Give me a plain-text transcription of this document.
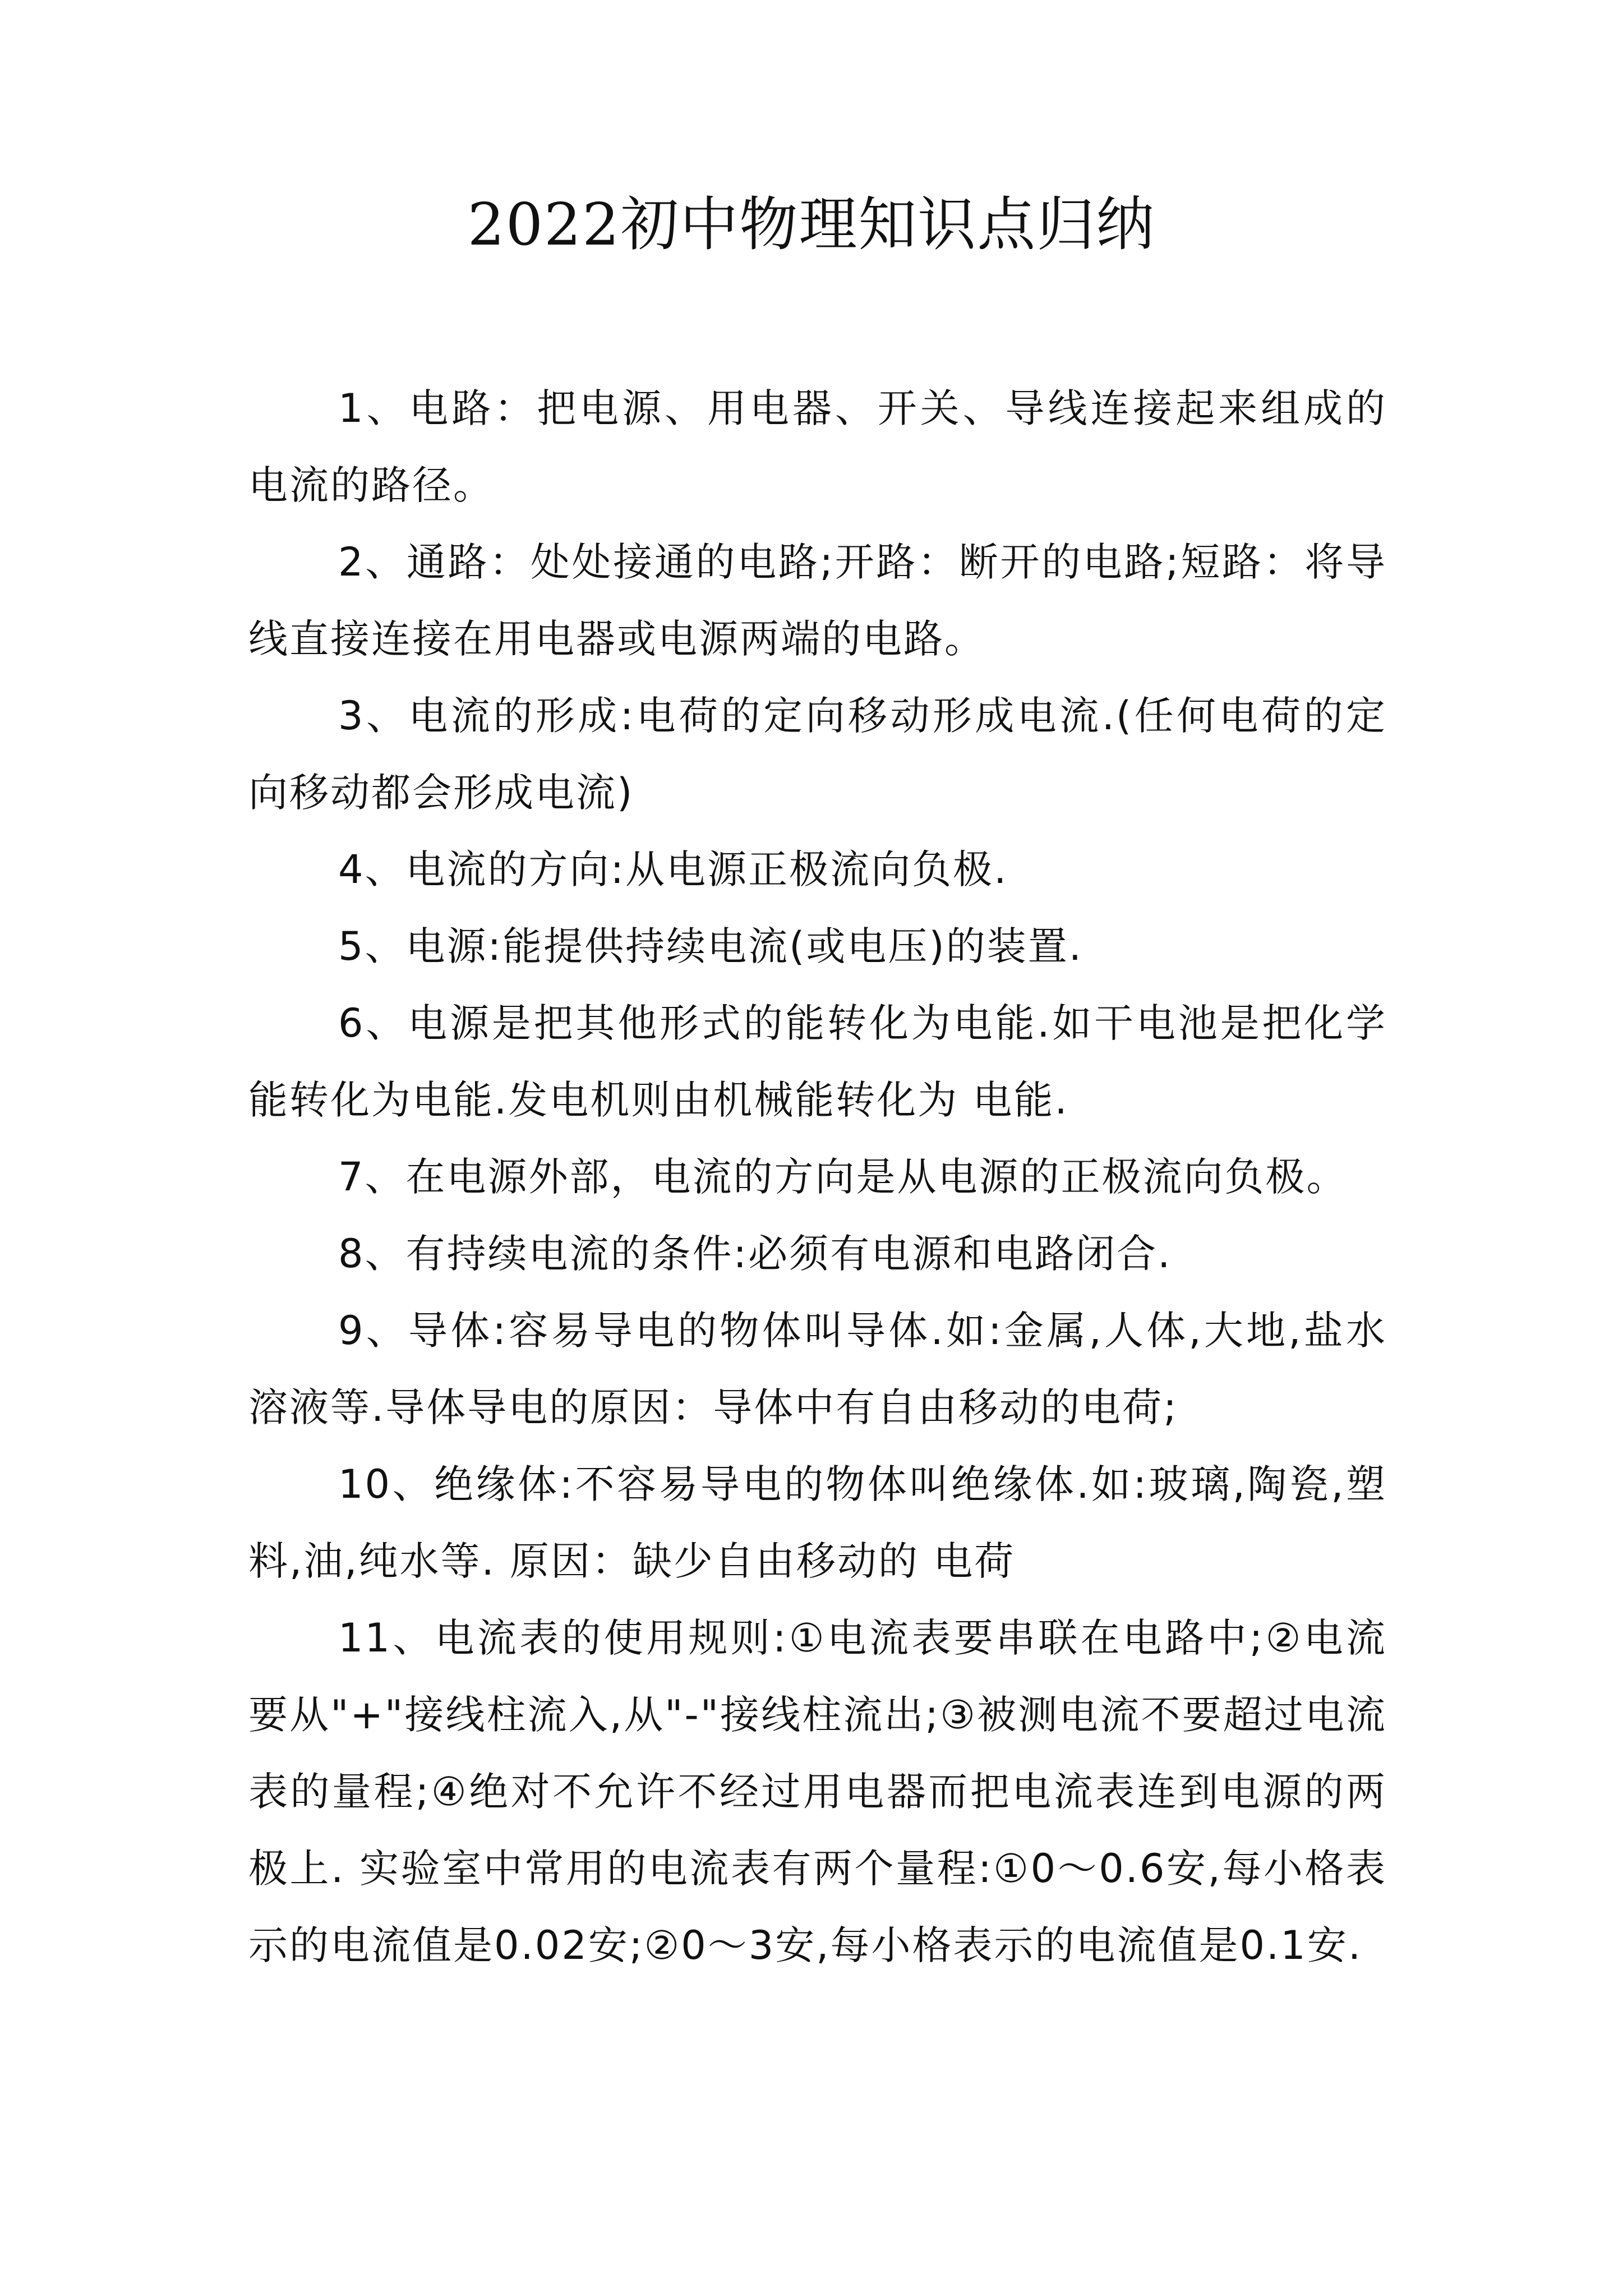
2022初中物理知识点归纳

1、电路：把电源、用电器、开关、导线连接起来组成的电流的路径。

2、通路：处处接通的电路;开路：断开的电路;短路：将导线直接连接在用电器或电源两端的电路。

3、电流的形成:电荷的定向移动形成电流.(任何电荷的定向移动都会形成电流)

4、电流的方向:从电源正极流向负极.

5、电源:能提供持续电流(或电压)的装置.

6、电源是把其他形式的能转化为电能.如干电池是把化学能转化为电能.发电机则由机械能转化为 电能.

7、在电源外部，电流的方向是从电源的正极流向负极。

8、有持续电流的条件:必须有电源和电路闭合.

9、导体:容易导电的物体叫导体.如:金属,人体,大地,盐水溶液等.导体导电的原因：导体中有自由移动的电荷;

10、绝缘体:不容易导电的物体叫绝缘体.如:玻璃,陶瓷,塑料,油,纯水等. 原因：缺少自由移动的 电荷

11、电流表的使用规则:①电流表要串联在电路中;②电流要从"+"接线柱流入,从"-"接线柱流出;③被测电流不要超过电流表的量程;④绝对不允许不经过用电器而把电流表连到电源的两极上. 实验室中常用的电流表有两个量程:①0～0.6安,每小格表示的电流值是0.02安;②0～3安,每小格表示的电流值是0.1安.
